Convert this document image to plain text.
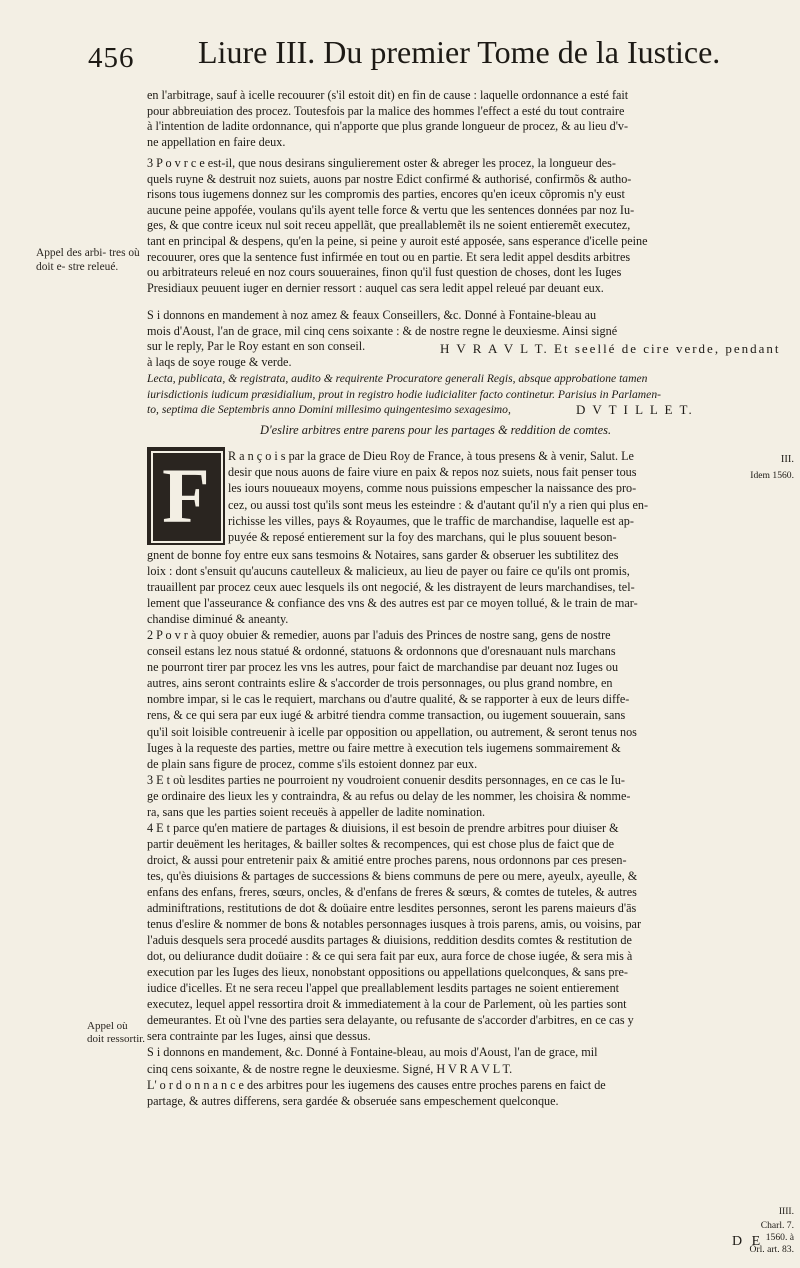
456 Liure III. Du premier Tome de la Iustice.

en l'arbitrage, sauf à icelle recouurer (s'il estoit dit) en fin de cause : laquelle ordonnance a esté fait

pour abbreuiation des procez. Toutesfois par la malice des hommes l'effect a esté du tout contraire

à l'intention de ladite ordonnance, qui n'apporte que plus grande longueur de procez, & au lieu d'v-

ne appellation en faire deux.

3 P o v r c e est-il, que nous desirans singulierement oster & abreger les procez, la longueur des-

quels ruyne & destruit noz suiets, auons par nostre Edict confirmé & authorisé, confirmõs & autho-

risons tous iugemens donnez sur les compromis des parties, encores qu'en iceux cõpromis n'y eust

aucune peine appofée, voulans qu'ils ayent telle force & vertu que les sentences données par noz Iu-

ges, & que contre iceux nul soit receu appellãt, que preallablemẽt ils ne soient entieremẽt executez,

tant en principal & despens, qu'en la peine, si peine y auroit esté apposée, sans esperance d'icelle peine

recouurer, ores que la sentence fust infirmée en tout ou en partie. Et sera ledit appel desdits arbitres

ou arbitrateurs releué en noz cours souueraines, finon qu'il fust question de choses, dont les Iuges

Presidiaux peuuent iuger en dernier ressort : auquel cas sera ledit appel releué par deuant eux.

S i donnons en mandement à noz amez & feaux Conseillers, &c. Donné à Fontaine-bleau au

mois d'Aoust, l'an de grace, mil cinq cens soixante : & de nostre regne le deuxiesme. Ainsi signé

sur le reply, Par le Roy estant en son conseil.

à laqs de soye rouge & verde.

H V R A V L T. Et seellé de cire verde, pendant

Lecta, publicata, & registrata, audito & requirente Procuratore generali Regis, absque approbatione tamen

iurisdictionis iudicum præsidialium, prout in registro hodie iudicialiter facto continetur. Parisius in Parlamen-

to, septima die Septembris anno Domini millesimo quingentesimo sexagesimo,	D V T I L L E T.
D'eslire arbitres entre parens pour les partages & reddition de comtes.
F	R a n ç o i s par la grace de Dieu Roy de France, à tous presens & à venir, Salut. Le

desir que nous auons de faire viure en paix & repos noz suiets, nous fait penser tous

les iours nouueaux moyens, comme nous puissions empescher la naissance des pro-

cez, ou aussi tost qu'ils sont meus les esteindre : & d'autant qu'il n'y a rien qui plus en-

richisse les villes, pays & Royaumes, que le traffic de marchandise, laquelle est ap-

puyée & reposé entierement sur la foy des marchans, qui le plus souuent beson-

gnent de bonne foy entre eux sans tesmoins & Notaires, sans garder & obseruer les subtilitez des

loix : dont s'ensuit qu'aucuns cautelleux & malicieux, au lieu de payer ou faire ce qu'ils ont promis,

trauaillent par procez ceux auec lesquels ils ont negocié, & les distrayent de leurs marchandises, tel-

lement que l'asseurance & confiance des vns & des autres est par ce moyen tollué, & le train de mar-

chandise diminué & aneanty.

2 P o v r à quoy obuier & remedier, auons par l'aduis des Princes de nostre sang, gens de nostre

conseil estans lez nous statué & ordonné, statuons & ordonnons que d'oresnauant nuls marchans

ne pourront tirer par procez les vns les autres, pour faict de marchandise par deuant noz Iuges ou

autres, ains seront contraints eslire & s'accorder de trois personnages, ou plus grand nombre, en

nombre impar, si le cas le requiert, marchans ou d'autre qualité, & se rapporter à eux de leurs diffe-

rens, & ce qui sera par eux iugé & arbitré tiendra comme transaction, ou iugement souuerain, sans

qu'il soit loisible contreuenir à icelle par opposition ou appellation, ou autrement, & seront tenus nos

Iuges à la requeste des parties, mettre ou faire mettre à execution tels iugemens sommairement &

de plain sans figure de procez, comme s'ils estoient donnez par eux.

3 E t où lesdites parties ne pourroient ny voudroient conuenir desdits personnages, en ce cas le Iu-

ge ordinaire des lieux les y contraindra, & au refus ou delay de les nommer, les choisira & nomme-

ra, sans que les parties soient receuës à appeller de ladite nomination.

4 E t parce qu'en matiere de partages & diuisions, il est besoin de prendre arbitres pour diuiser &

partir deuëment les heritages, & bailler soltes & recompences, qui est chose plus de faict que de

droict, & aussi pour entretenir paix & amitié entre proches parens, nous ordonnons par ces presen-

tes, qu'ès diuisions & partages de successions & biens communs de pere ou mere, ayeulx, ayeulle, &

enfans des enfans, freres, sœurs, oncles, & d'enfans de freres & sœurs, & comtes de tuteles, & autres

adminiftrations, restitutions de dot & doüaire entre lesdites personnes, seront les parens maieurs d'ās

tenus d'eslire & nommer de bons & notables personnages iusques à trois parens, amis, ou voisins, par

l'aduis desquels sera procedé ausdits partages & diuisions, reddition desdits comtes & restitution de

dot, ou deliurance dudit doüaire : & ce qui sera fait par eux, aura force de chose iugée, & sera mis à

execution par les Iuges des lieux, nonobstant oppositions ou appellations quelconques, & sans pre-

iudice d'icelles. Et ne sera receu l'appel que preallablement lesdits partages ne soient entierement

executez, lequel appel ressortira droit & immediatement à la cour de Parlement, où les parties sont

demeurantes. Et où l'vne des parties sera delayante, ou refusante de s'accorder d'arbitres, en ce cas y

sera contrainte par les Iuges, ainsi que dessus.

S i donnons en mandement, &c. Donné à Fontaine-bleau, au mois d'Aoust, l'an de grace, mil

cinq cens soixante, & de nostre regne le deuxiesme. Signé, H V R A V L T.

L' o r d o n n a n c e des arbitres pour les iugemens des causes entre proches parens en faict de

partage, & autres differens, sera gardée & obseruée sans empeschement quelconque.

Appel des arbi- tres où doit e- stre releué.
Appel où doit ressortir.
III.
Idem 1560.
IIII.
Charl. 7.
1560. à
Orl. art. 83.
D E
